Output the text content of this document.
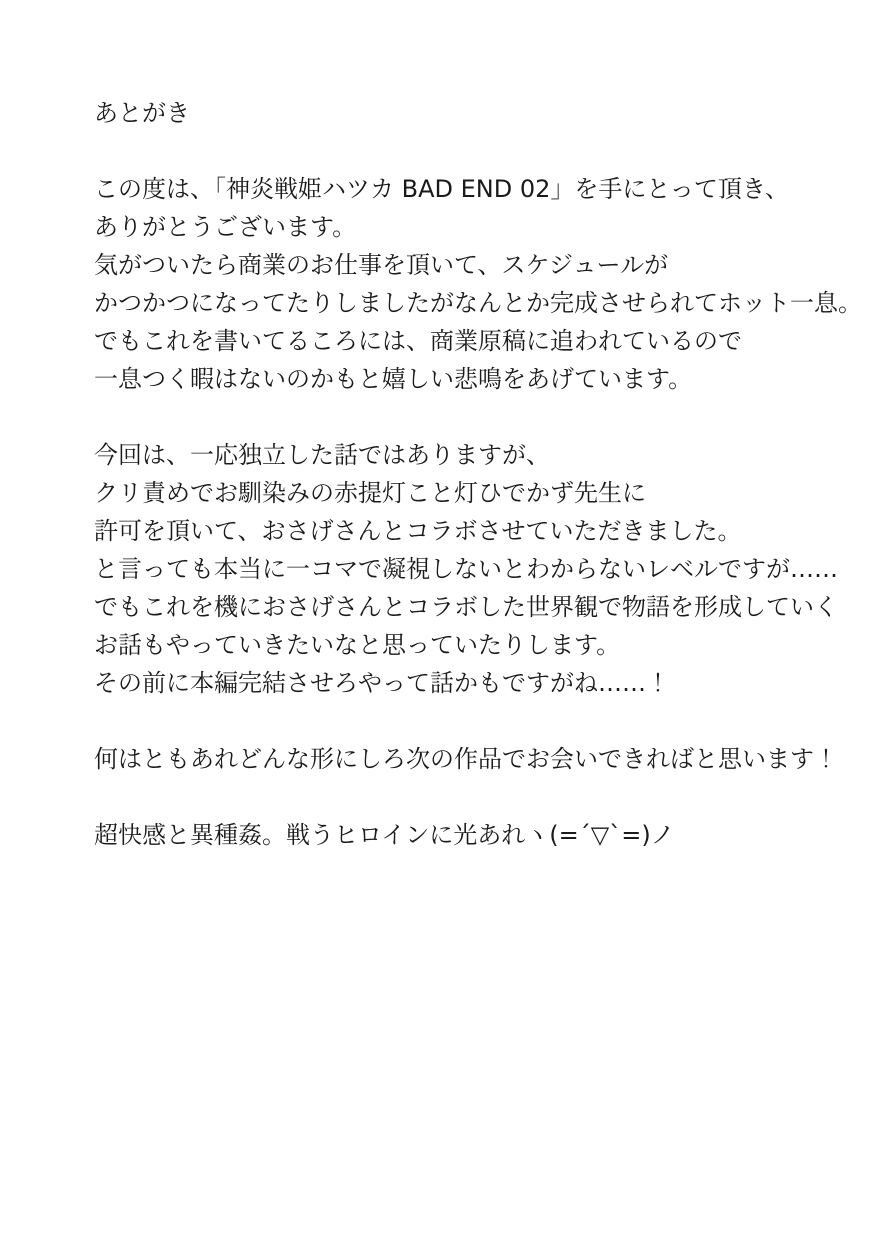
あとがき

この度は、「神炎戦姫ハツカ BAD END 02」を手にとって頂き、

ありがとうございます。

気がついたら商業のお仕事を頂いて、スケジュールが

かつかつになってたりしましたがなんとか完成させられてホット一息。

でもこれを書いてるころには、商業原稿に追われているので

一息つく暇はないのかもと嬉しい悲鳴をあげています。

今回は、一応独立した話ではありますが、

クリ責めでお馴染みの赤提灯こと灯ひでかず先生に

許可を頂いて、おさげさんとコラボさせていただきました。

と言っても本当に一コマで凝視しないとわからないレベルですが……

でもこれを機におさげさんとコラボした世界観で物語を形成していく

お話もやっていきたいなと思っていたりします。

その前に本編完結させろやって話かもですがね……！

何はともあれどんな形にしろ次の作品でお会いできればと思います！

超快感と異種姦。戦うヒロインに光あれヽ(=´▽`=)ノ
